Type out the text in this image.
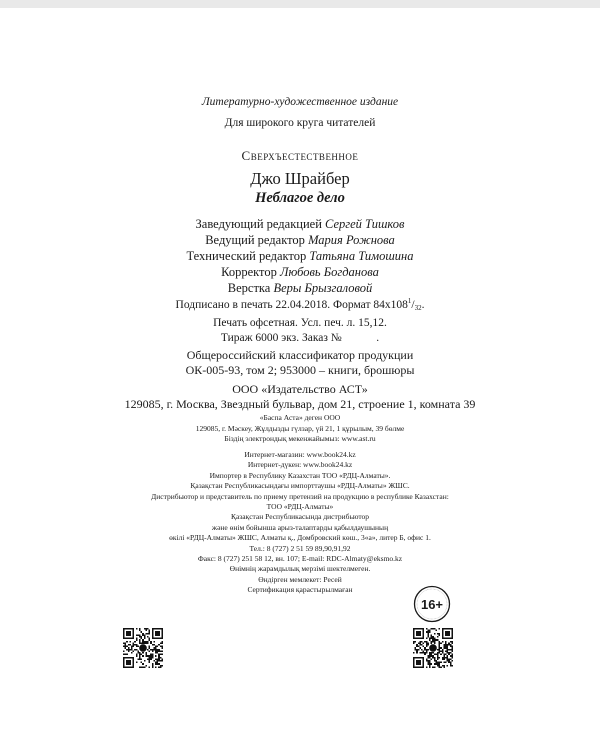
Литературно-художественное издание
Для широкого круга читателей
Сверхъестественное
Джо Шрайбер
Неблагое дело
Заведующий редакцией Сергей Тишков
Ведущий редактор Мария Рожнова
Технический редактор Татьяна Тимошина
Корректор Любовь Богданова
Верстка Веры Брызгаловой
Подписано в печать 22.04.2018. Формат $84x108^1/_{32}$.
Печать офсетная. Усл. печ. л. 15,12.
Тираж 6000 экз. Заказ №            .
Общероссийский классификатор продукции
ОК-005-93, том 2; 953000 – книги, брошюры
ООО «Издательство АСТ»
129085, г. Москва, Звездный бульвар, дом 21, строение 1, комната 39
«Баспа Аста» деген ООО
129085, г. Мәскеу, Жұлдызды гүлзар, үй 21, 1 құрылым, 39 бөлме
Біздің электрондық мекенжайымыз: www.ast.ru
Интернет-магазин: www.book24.kz
Интернет-дүкен: www.book24.kz
Импортер в Республику Казахстан ТОО «РДЦ-Алматы».
Қазақстан Республикасындағы импорттаушы «РДЦ-Алматы» ЖШС.
Дистрибьютор и представитель по приему претензий на продукцию в республике Казахстан:
ТОО «РДЦ-Алматы»
Қазақстан Республикасында дистрибьютор
және өнім бойынша арыз-талаптарды қабылдаушының
өкілі «РДЦ-Алматы» ЖШС, Алматы қ., Домбровский көш., 3«а», литер Б, офис 1.
Тел.: 8 (727) 2 51 59 89,90,91,92
Факс: 8 (727) 251 58 12, вн. 107; E-mail: RDC-Almaty@eksmo.kz
Өнімнің жарамдылық мерзімі шектелмеген.
Өндірген мемлекет: Ресей
Сертификация қарастырылмаған
16+
